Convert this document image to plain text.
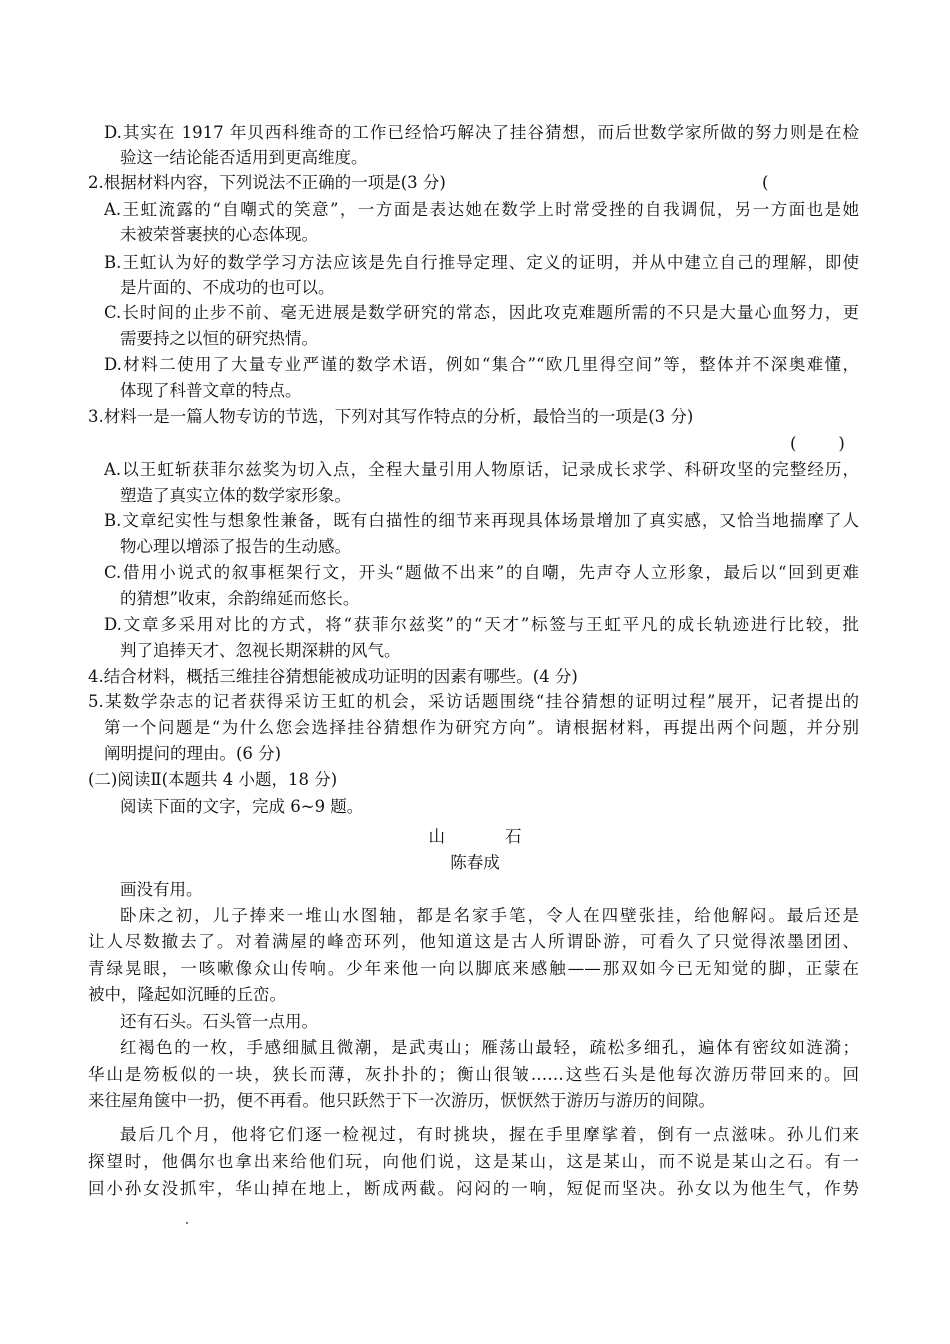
D.其实在 1917 年贝西科维奇的工作已经恰巧解决了挂谷猜想，而后世数学家所做的努力则是在检
验这一结论能否适用到更高维度。
2.根据材料内容，下列说法不正确的一项是(3 分)	(
A.王虹流露的“自嘲式的笑意”，一方面是表达她在数学上时常受挫的自我调侃，另一方面也是她
未被荣誉裹挟的心态体现。
B.王虹认为好的数学学习方法应该是先自行推导定理、定义的证明，并从中建立自己的理解，即使
是片面的、不成功的也可以。
C.长时间的止步不前、毫无进展是数学研究的常态，因此攻克难题所需的不只是大量心血努力，更
需要持之以恒的研究热情。
D.材料二使用了大量专业严谨的数学术语，例如“集合”“欧几里得空间”等，整体并不深奥难懂，
体现了科普文章的特点。
3.材料一是一篇人物专访的节选，下列对其写作特点的分析，最恰当的一项是(3 分)
(        )
A.以王虹斩获菲尔兹奖为切入点，全程大量引用人物原话，记录成长求学、科研攻坚的完整经历，
塑造了真实立体的数学家形象。
B.文章纪实性与想象性兼备，既有白描性的细节来再现具体场景增加了真实感，又恰当地揣摩了人
物心理以增添了报告的生动感。
C.借用小说式的叙事框架行文，开头“题做不出来”的自嘲，先声夺人立形象，最后以“回到更难
的猜想”收束，余韵绵延而悠长。
D.文章多采用对比的方式，将“获菲尔兹奖”的“天才”标签与王虹平凡的成长轨迹进行比较，批
判了追捧天才、忽视长期深耕的风气。
4.结合材料，概括三维挂谷猜想能被成功证明的因素有哪些。(4 分)
5.某数学杂志的记者获得采访王虹的机会，采访话题围绕“挂谷猜想的证明过程”展开，记者提出的
第一个问题是“为什么您会选择挂谷猜想作为研究方向”。请根据材料，再提出两个问题，并分别
阐明提问的理由。(6 分)
(二)阅读Ⅱ(本题共 4 小题，18 分)
阅读下面的文字，完成 6~9 题。
山	石
陈春成
画没有用。
卧床之初，儿子捧来一堆山水图轴，都是名家手笔，令人在四壁张挂，给他解闷。最后还是
让人尽数撤去了。对着满屋的峰峦环列，他知道这是古人所谓卧游，可看久了只觉得浓墨团团、
青绿晃眼，一咳嗽像众山传响。少年来他一向以脚底来感触——那双如今已无知觉的脚，正蒙在
被中，隆起如沉睡的丘峦。
还有石头。石头管一点用。
红褐色的一枚，手感细腻且微潮，是武夷山；雁荡山最轻，疏松多细孔，遍体有密纹如涟漪；
华山是笏板似的一块，狭长而薄，灰扑扑的；衡山很皱……这些石头是他每次游历带回来的。回
来往屋角箧中一扔，便不再看。他只跃然于下一次游历，恹恹然于游历与游历的间隙。
最后几个月，他将它们逐一检视过，有时挑块，握在手里摩挲着，倒有一点滋味。孙儿们来
探望时，他偶尔也拿出来给他们玩，向他们说，这是某山，这是某山，而不说是某山之石。有一
回小孙女没抓牢，华山掉在地上，断成两截。闷闷的一响，短促而坚决。孙女以为他生气，作势
